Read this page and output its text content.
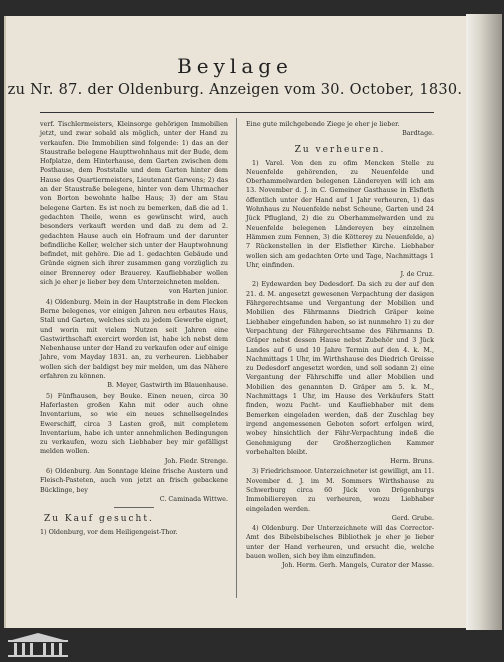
Beylage
zu Nr. 87. der Oldenburg. Anzeigen vom 30. October, 1830.

verf. Tischlermeisters, Kleinsorge gehörigen Immobilien jetzt, und zwar sobald als möglich, unter der Hand zu verkaufen. Die Immobilien sind folgende: 1) das an der Staustraße belegene Haupttwohnhaus mit der Bude, dem Hofplatze, dem Hinterhause, dem Garten zwischen dem Posthause, dem Poststalle und dem Garten hinter dem Hause des Quartiermeisters, Lieutenant Garwens; 2) das an der Staustraße belegene, hinter von dem Uhrmacher von Borton bewohnte halbe Haus; 3) der am Stau belegene Garten. Es ist noch zu bemerken, daß die ad 1. gedachten Theile, wenn es gewünscht wird, auch besonders verkauft werden und daß zu dem ad 2. gedachten Hause auch ein Hofraum und der darunter befindliche Keller, welcher sich unter der Hauptwohnung befindet, mit gehöre. Die ad 1. gedachten Gebäude und Gründe eignen sich ihrer zusammen gang vorzüglich zu einer Brennerey oder Brauerey. Kaufliebhaber wollen sich je eher je lieber bey dem Unterzeichneten melden.

von Harten junior.

4) Oldenburg. Mein in der Hauptstraße in dem Flecken Berne belegenes, vor einigen Jahren neu erbautes Haus, Stall und Garten, welches sich zu jedem Gewerbe eignet, und worin mit vielem Nutzen seit Jahren eine Gastwirthschaft exercirt worden ist, habe ich nebst dem Nebenhause unter der Hand zu verkaufen oder auf einige Jahre, vom Mayday 1831. an, zu verheuren. Liebhaber wollen sich der baldigst bey mir melden, um das Nähere erfahren zu können.

B. Meyer, Gastwirth im Blauenhause.

5) Fünfhausen, bey Bouke. Einen neuen, circa 30 Haferlasten großen Kahn mit oder auch ohne Inventarium, so wie ein neues schnellsegelndes Ewerschiff, circa 3 Lasten groß, mit completem Inventarium, habe ich unter annehmlichen Bedingungen zu verkaufen, wozu sich Liebhaber bey mir gefälligst melden wollen.

Joh. Fiedr. Strenge.

6) Oldenburg. Am Sonntage kleine frische Austern und Fleisch-Pasteten, auch von jetzt an frisch gebackene Bücklinge, bey

C. Caminada Wittwe.

Zu Kauf gesucht.

1) Oldenburg, vor dem Heiligengeist-Thor.

Eine gute milchgebende Ziege je eher je lieber.

Bardtage.

Zu verheuren.

1) Varel. Von den zu ofim Mencken Stelle zu Neuenfelde gehörenden, zu Neuenfelde und Oberhammelwarden belegenen Ländereyen will ich am 13. November d. J. in C. Gemeiner Gasthause in Elsfleth öffentlich unter der Hand auf 1 Jahr verheuren, 1) das Wohnhaus zu Neuenfelde nebst Scheune, Garten und 24 Jück Pflugland, 2) die zu Oberhammelwarden und zu Neuenfelde belegenen Ländereyen bey einzelnen Hämmen zum Fennen, 3) die Kötterey zu Neuenfelde, a) 7 Rückenstellen in der Elsflether Kirche. Liebhaber wollen sich am gedachten Orte und Tage, Nachmittags 1 Uhr, einfinden.

J. de Cruz.

2) Eydewarden bey Dedesdorf. Da sich zu der auf den 21. d. M. angesetzt gewesenen Verpachtung der dasigen Fährgerechtsame und Vergantung der Mobilien und Mobilien des Fährmanns Diedrich Gräper keine Liebhaber eingefunden haben, so ist nunmehro 1) zu der Verpachtung der Fährgerechtsame des Fährmanns D. Gräper nebst dessen Hause nebst Zubehör und 3 Jück Landes auf 6 und 10 Jahre Termin auf den 4. k. M., Nachmittags 1 Uhr, im Wirthshause des Diedrich Greisse zu Dedesdorf angesetzt worden, und soll sodann 2) eine Vergantung der Fährschiffe und aller Mobilien und Mobilien des genannten D. Gräper am 5. k. M., Nachmittags 1 Uhr, im Hause des Verkäufers Statt finden, wozu Pacht- und Kaufliebhaber mit dem Bemerken eingeladen werden, daß der Zuschlag bey irgend angemessenen Geboten sofort erfolgen wird, wobey hinsichtlich der Fähr-Verpachtung indeß die Genehmigung der Großherzoglichen Kammer vorbehalten bleibt.

Herm. Bruns.

3) Friedrichsmoor. Unterzeichneter ist gewilligt, am 11. November d. J. im M. Sommers Wirthshause zu Schwerburg circa 60 Jück von Drögenburgs Immobiliereyen zu verheuren, wozu Liebhaber eingeladen werden.

Gerd. Grube.

4) Oldenburg. Der Unterzeichnete will das Corrector-Amt des Bibelsbibelsches Bibliothek je eher je lieber unter der Hand verheuren, und ersucht die, welche bauen wollen, sich bey ihm einzufinden.

Joh. Herm. Gerh. Mangels, Curator der Masse.
